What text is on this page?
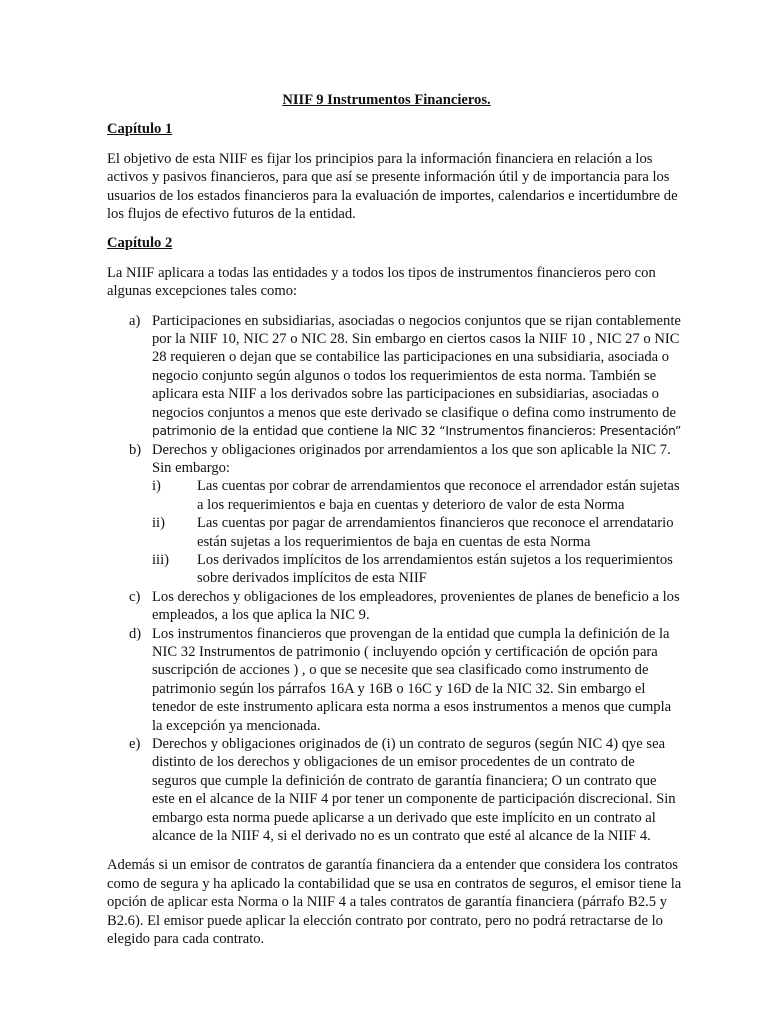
NIIF 9 Instrumentos Financieros.
Capítulo 1

El objetivo de esta NIIF es fijar los principios para la información financiera en relación a los activos y pasivos financieros, para que así se presente información útil y de importancia para los usuarios de los estados financieros para la evaluación de importes, calendarios e incertidumbre de los flujos de efectivo futuros de la entidad.

Capítulo 2

La NIIF aplicara a todas las entidades y a todos los tipos de instrumentos financieros pero con algunas excepciones tales como:

a) Participaciones en subsidiarias, asociadas o negocios conjuntos que se rijan contablemente por la NIIF 10, NIC 27 o NIC 28. Sin embargo en ciertos casos la NIIF 10 , NIC 27 o NIC 28 requieren o dejan que se contabilice las participaciones en una subsidiaria, asociada o negocio conjunto según algunos o todos los requerimientos de esta norma. También se aplicara esta NIIF a los derivados sobre las participaciones en subsidiarias, asociadas o negocios conjuntos a menos que este derivado se clasifique o defina como instrumento de patrimonio de la entidad que contiene la NIC 32 “Instrumentos financieros: Presentación”
b) Derechos y obligaciones originados por arrendamientos a los que son aplicable la NIC 7. Sin embargo:
i) Las cuentas por cobrar de arrendamientos que reconoce el arrendador están sujetas a los requerimientos e baja en cuentas y deterioro de valor de esta Norma
ii) Las cuentas por pagar de arrendamientos financieros que reconoce el arrendatario están sujetas a los requerimientos de baja en cuentas de esta Norma
iii) Los derivados implícitos de los arrendamientos están sujetos a los requerimientos sobre derivados implícitos de esta NIIF
c) Los derechos y obligaciones de los empleadores, provenientes de planes de beneficio a los empleados, a los que aplica la NIC 9.
d) Los instrumentos financieros que provengan de la entidad que cumpla la definición de la NIC 32 Instrumentos de patrimonio ( incluyendo opción y certificación de opción para suscripción de acciones ) , o que se necesite que sea clasificado como instrumento de patrimonio según los párrafos 16A y 16B o 16C y 16D de la NIC 32. Sin embargo el tenedor de este instrumento aplicara esta norma a esos instrumentos a menos que cumpla la excepción ya mencionada.
e) Derechos y obligaciones originados de (i) un contrato de seguros (según NIC 4) qye sea distinto de los derechos y obligaciones de un emisor procedentes de un contrato de seguros que cumple la definición de contrato de garantía financiera; O un contrato que este en el alcance de la NIIF 4 por tener un componente de participación discrecional. Sin embargo esta norma puede aplicarse a un derivado que este implícito en un contrato al alcance de la NIIF 4, si el derivado no es un contrato que esté al alcance de la NIIF 4.

Además si un emisor de contratos de garantía financiera da a entender que considera los contratos como de segura y ha aplicado la contabilidad que se usa en contratos de seguros, el emisor tiene la opción de aplicar esta Norma o la NIIF 4 a tales contratos de garantía financiera (párrafo B2.5 y B2.6). El emisor puede aplicar la elección contrato por contrato, pero no podrá retractarse de lo elegido para cada contrato.
